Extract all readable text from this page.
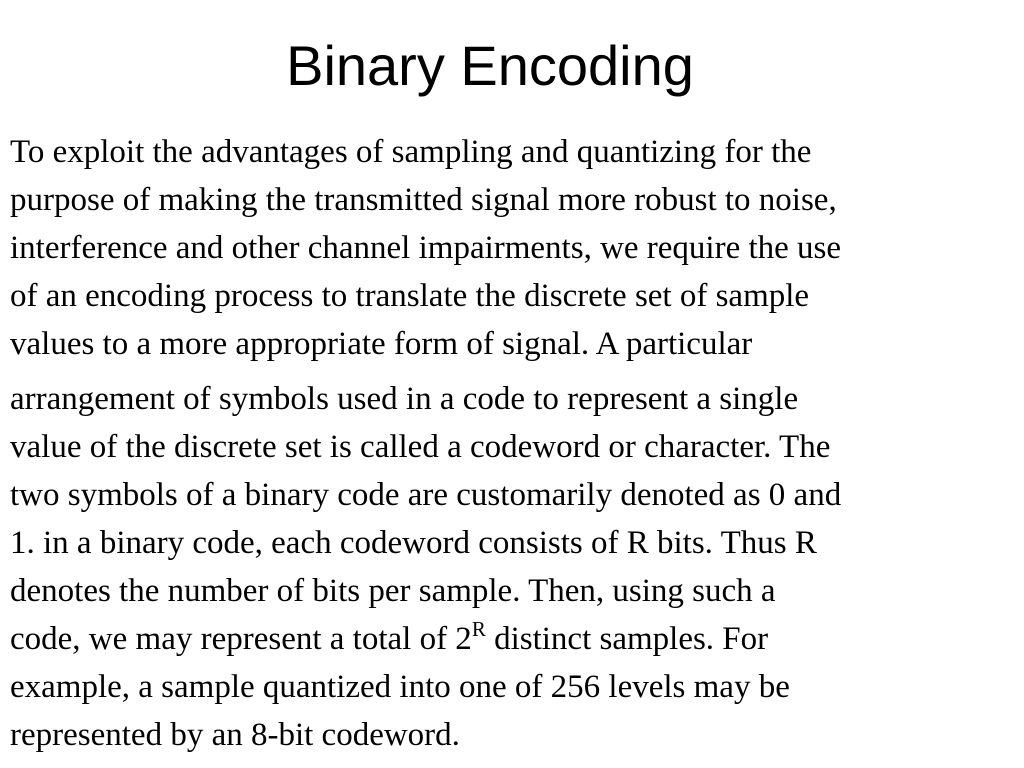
Binary Encoding

To exploit the advantages of sampling and quantizing for the
purpose of making the transmitted signal more robust to noise,
interference and other channel impairments, we require the use
of an encoding process to translate the discrete set of sample
values to a more appropriate form of signal. A particular

arrangement of symbols used in a code to represent a single
value of the discrete set is called a codeword or character. The
two symbols of a binary code are customarily denoted as 0 and
1. in a binary code, each codeword consists of R bits. Thus R
denotes the number of bits per sample. Then, using such a
code, we may represent a total of $2^R$ distinct samples. For
example, a sample quantized into one of 256 levels may be
represented by an 8-bit codeword.
